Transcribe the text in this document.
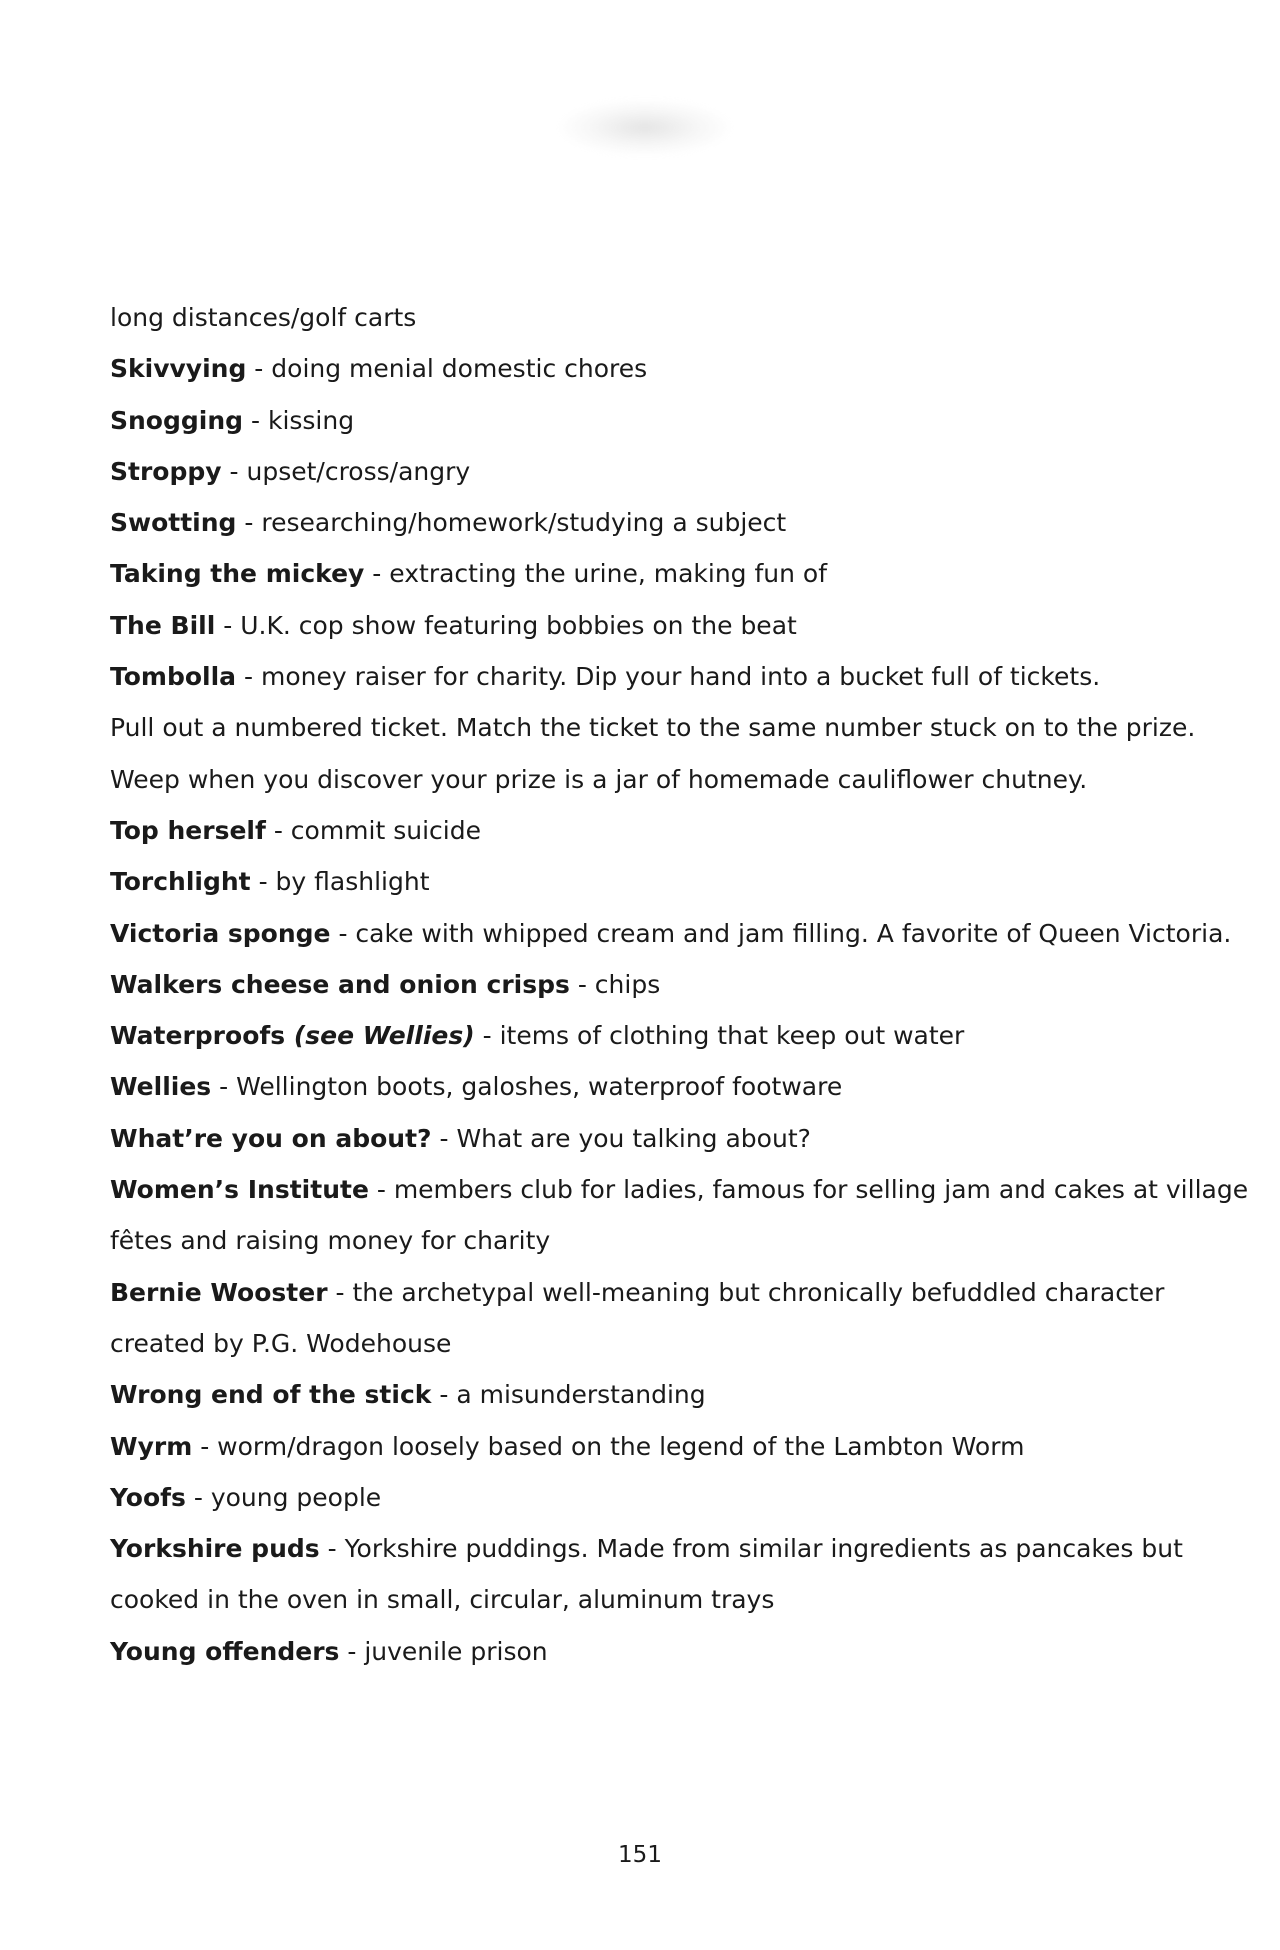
long distances/golf carts
Skivvying - doing menial domestic chores
Snogging - kissing
Stroppy - upset/cross/angry
Swotting - researching/homework/studying a subject
Taking the mickey - extracting the urine, making fun of
The Bill - U.K. cop show featuring bobbies on the beat
Tombolla - money raiser for charity. Dip your hand into a bucket full of tickets.
Pull out a numbered ticket. Match the ticket to the same number stuck on to the prize.
Weep when you discover your prize is a jar of homemade cauliflower chutney.
Top herself - commit suicide
Torchlight - by flashlight
Victoria sponge - cake with whipped cream and jam filling. A favorite of Queen Victoria.
Walkers cheese and onion crisps - chips
Waterproofs (see Wellies) - items of clothing that keep out water
Wellies - Wellington boots, galoshes, waterproof footware
What’re you on about? - What are you talking about?
Women’s Institute - members club for ladies, famous for selling jam and cakes at village
fêtes and raising money for charity
Bernie Wooster - the archetypal well-meaning but chronically befuddled character
created by P.G. Wodehouse
Wrong end of the stick - a misunderstanding
Wyrm - worm/dragon loosely based on the legend of the Lambton Worm
Yoofs - young people
Yorkshire puds - Yorkshire puddings. Made from similar ingredients as pancakes but
cooked in the oven in small, circular, aluminum trays
Young offenders - juvenile prison
151
